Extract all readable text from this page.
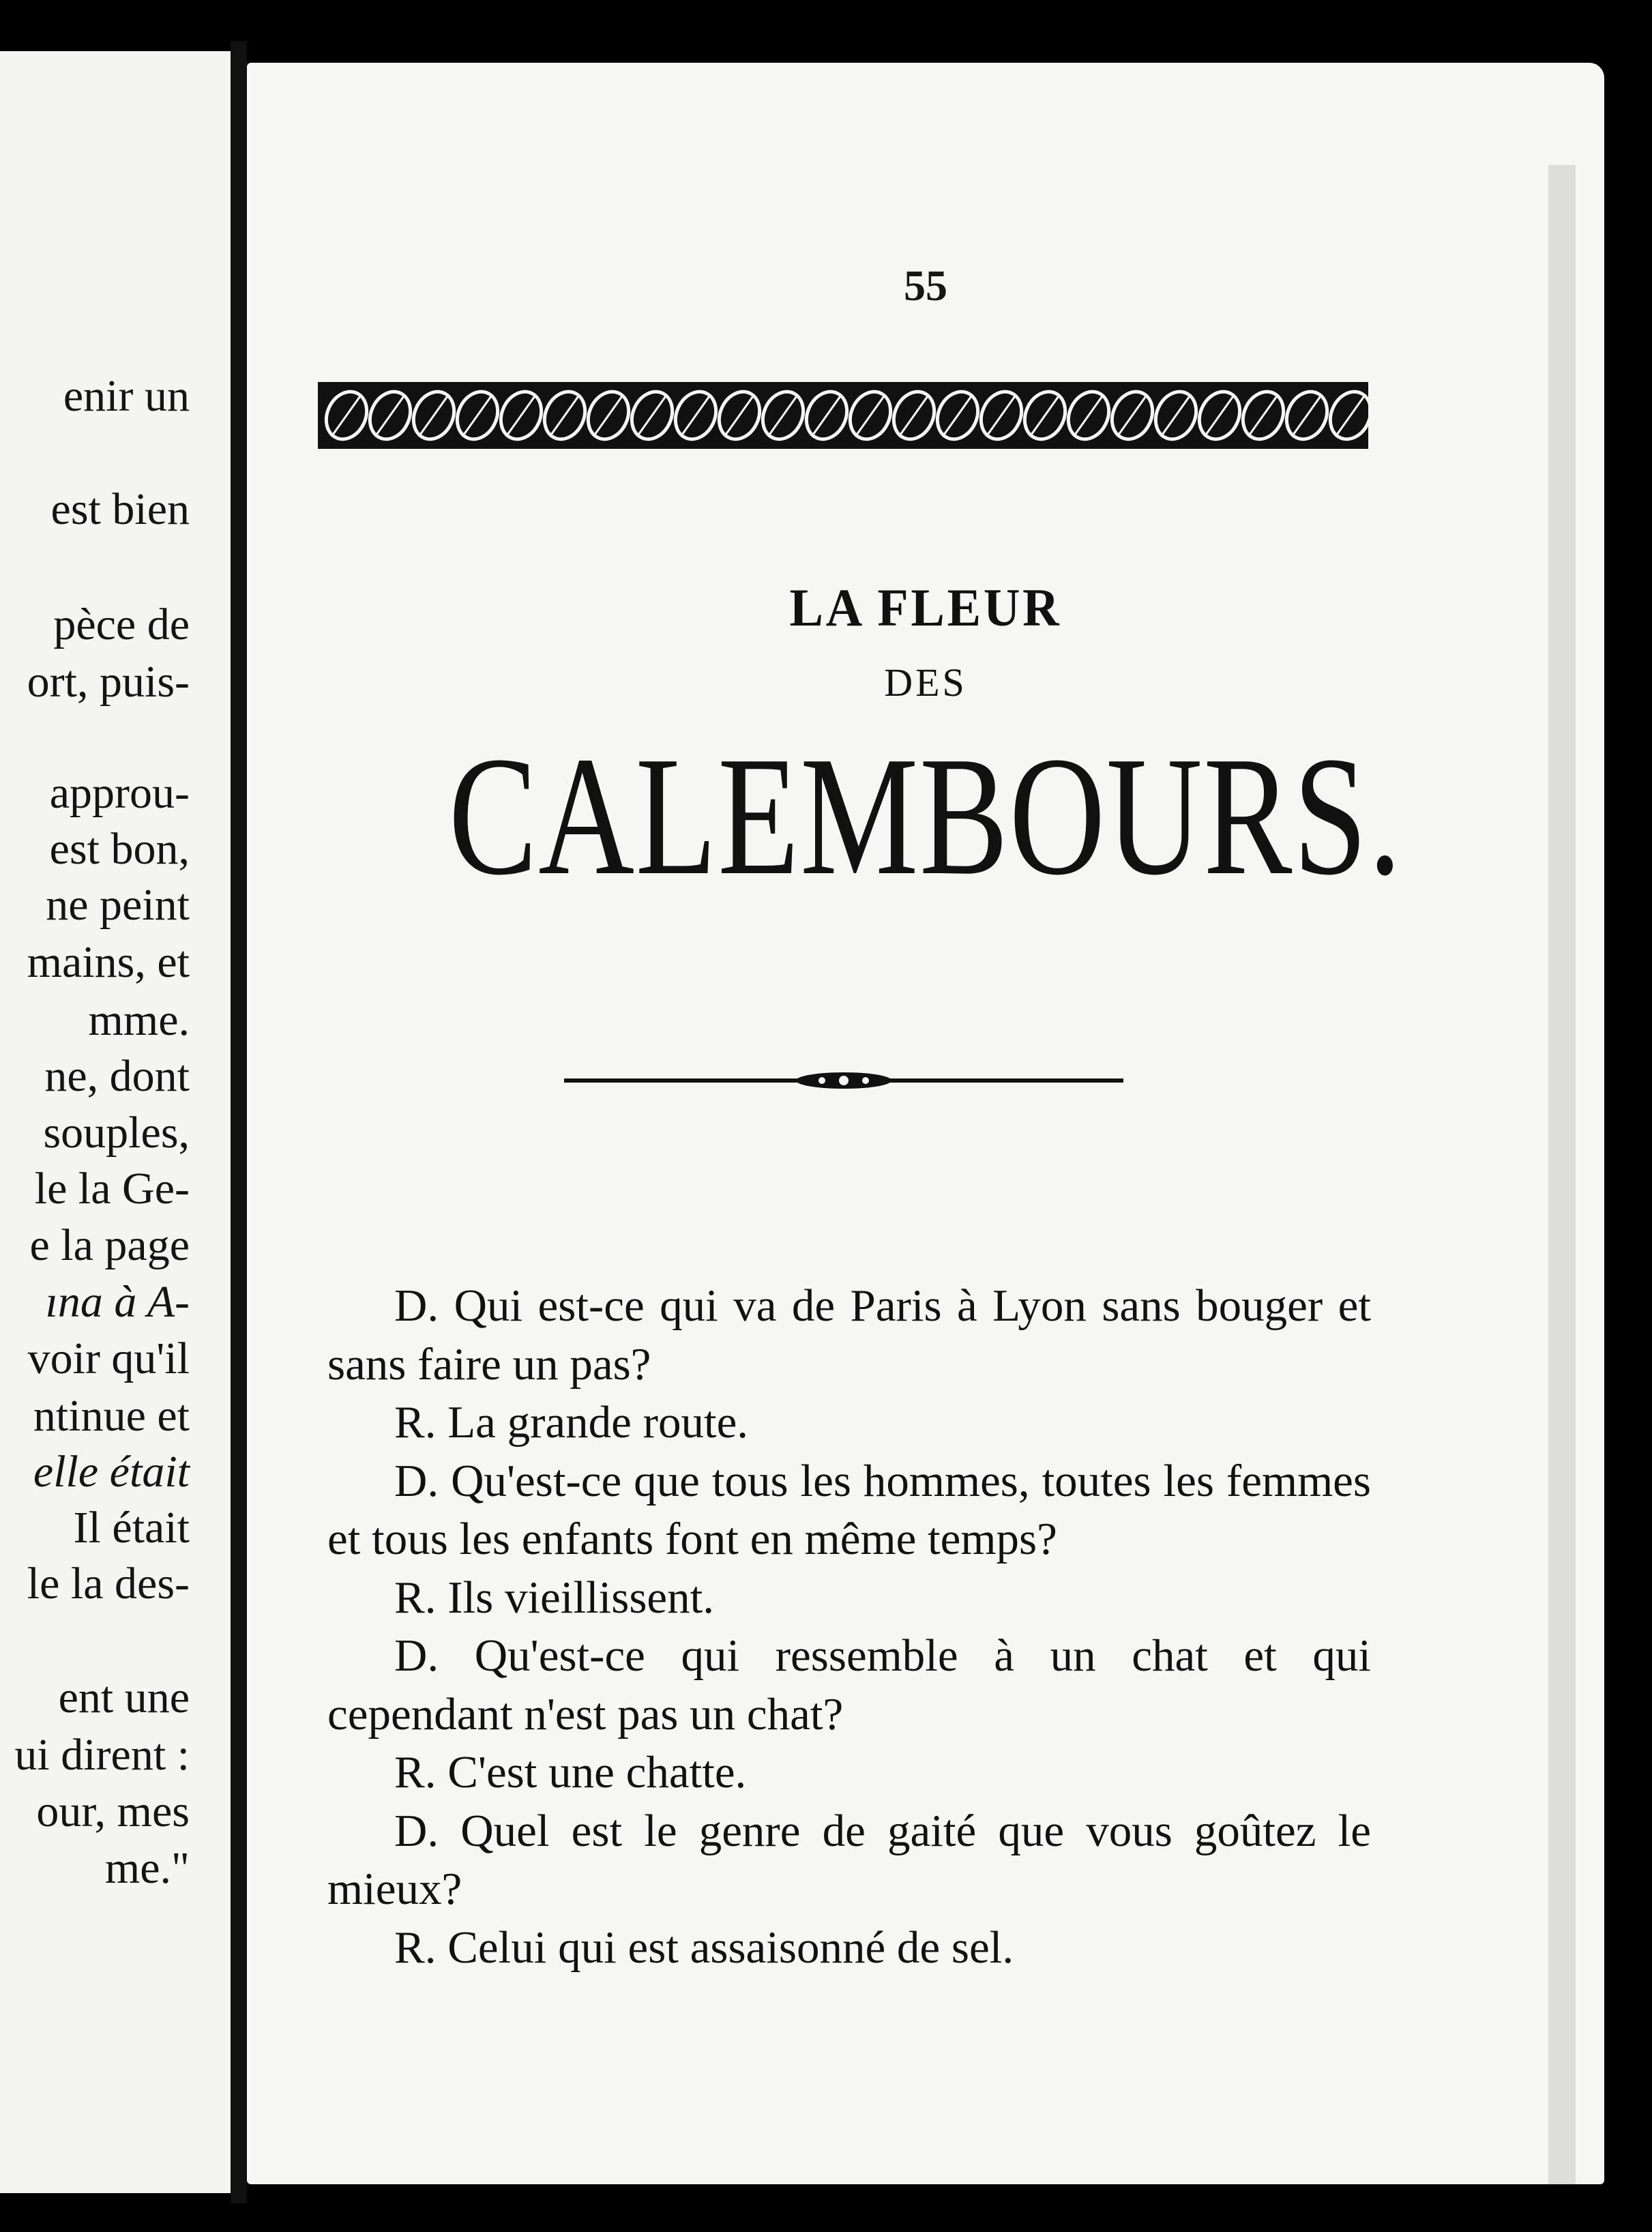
enir un
est bien
pèce de
ort, puis-
approu-
est bon,
ne peint
mains, et
mme.
ne, dont
souples,
le la Ge-
e la page
ına à A-
voir qu'il
ntinue et
elle était
Il était
le la des-
ent une
ui dirent :
our, mes
me."
55
LA FLEUR
DES
CALEMBOURS.

D. Qui est-ce qui va de Paris à Lyon sans bouger et sans faire un pas?

R. La grande route.

D. Qu'est-ce que tous les hommes, toutes les femmes et tous les enfants font en même temps?

R. Ils vieillissent.

D. Qu'est-ce qui ressemble à un chat et qui cependant n'est pas un chat?

R. C'est une chatte.

D. Quel est le genre de gaité que vous goûtez le mieux?

R. Celui qui est assaisonné de sel.
